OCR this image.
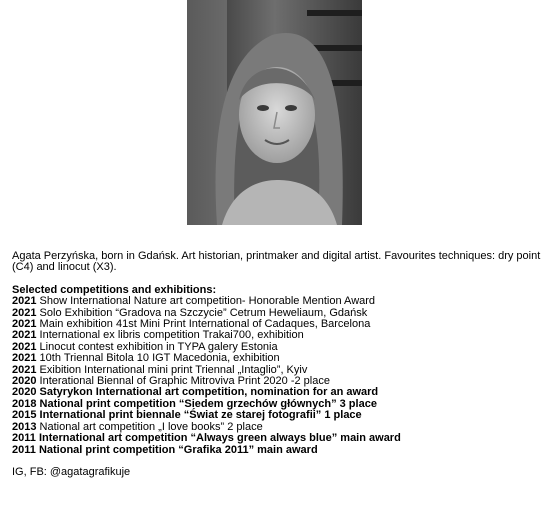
Agata Perzyńska, born in Gdańsk. Art historian, printmaker and digital artist. Favourites techniques: dry point (C4) and linocut (X3).

Selected competitions and exhibitions:

2021 Show International Nature art competition- Honorable Mention Award
2021 Solo Exhibition “Gradova na Szczycie” Cetrum Heweliaum, Gdańsk
2021 Main exhibition 41st Mini Print International of Cadaques, Barcelona
2021 International ex libris competition Trakai700, exhibition
2021 Linocut contest exhibition in TYPA galery Estonia
2021 10th Triennal Bitola 10 IGT Macedonia, exhibition
2021 Exibition International mini print Triennal „Intaglio”, Kyiv
2020 Interational Biennal of Graphic Mitroviva Print 2020 -2 place
2020 Satyrykon International art competition, nomination for an award
2018 National print competition “Siedem grzechów głównych” 3 place
2015 International print biennale “Świat ze starej fotografii” 1 place
2013 National art competition „I love books” 2 place
2011 International art competition “Always green always blue” main award
2011 National print competition “Grafika 2011” main award

IG, FB: @agatagrafikuje
